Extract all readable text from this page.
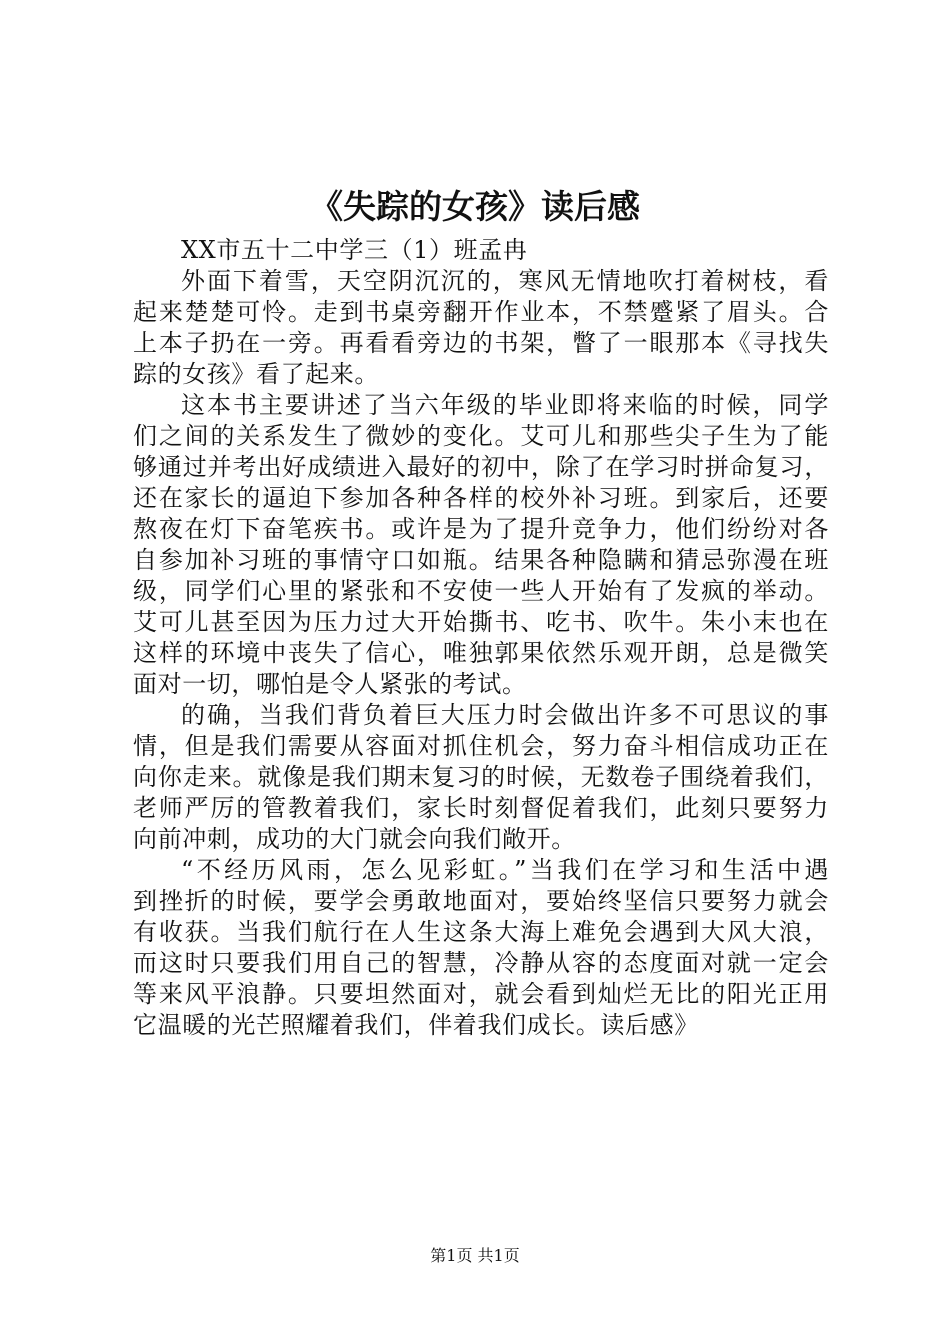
《失踪的女孩》读后感

XX市五十二中学三（1）班孟冉

外面下着雪，天空阴沉沉的，寒风无情地吹打着树枝，看

起来楚楚可怜。走到书桌旁翻开作业本，不禁蹙紧了眉头。合

上本子扔在一旁。再看看旁边的书架，瞥了一眼那本《寻找失

踪的女孩》看了起来。

这本书主要讲述了当六年级的毕业即将来临的时候，同学

们之间的关系发生了微妙的变化。艾可儿和那些尖子生为了能

够通过并考出好成绩进入最好的初中，除了在学习时拼命复习，

还在家长的逼迫下参加各种各样的校外补习班。到家后，还要

熬夜在灯下奋笔疾书。或许是为了提升竞争力，他们纷纷对各

自参加补习班的事情守口如瓶。结果各种隐瞒和猜忌弥漫在班

级，同学们心里的紧张和不安使一些人开始有了发疯的举动。

艾可儿甚至因为压力过大开始撕书、吃书、吹牛。朱小末也在

这样的环境中丧失了信心，唯独郭果依然乐观开朗，总是微笑

面对一切，哪怕是令人紧张的考试。

的确，当我们背负着巨大压力时会做出许多不可思议的事

情，但是我们需要从容面对抓住机会，努力奋斗相信成功正在

向你走来。就像是我们期末复习的时候，无数卷子围绕着我们，

老师严厉的管教着我们，家长时刻督促着我们，此刻只要努力

向前冲刺，成功的大门就会向我们敞开。

“不经历风雨，怎么见彩虹。”当我们在学习和生活中遇

到挫折的时候，要学会勇敢地面对，要始终坚信只要努力就会

有收获。当我们航行在人生这条大海上难免会遇到大风大浪，

而这时只要我们用自己的智慧，冷静从容的态度面对就一定会

等来风平浪静。只要坦然面对，就会看到灿烂无比的阳光正用

它温暖的光芒照耀着我们，伴着我们成长。读后感》

第1页 共1页
